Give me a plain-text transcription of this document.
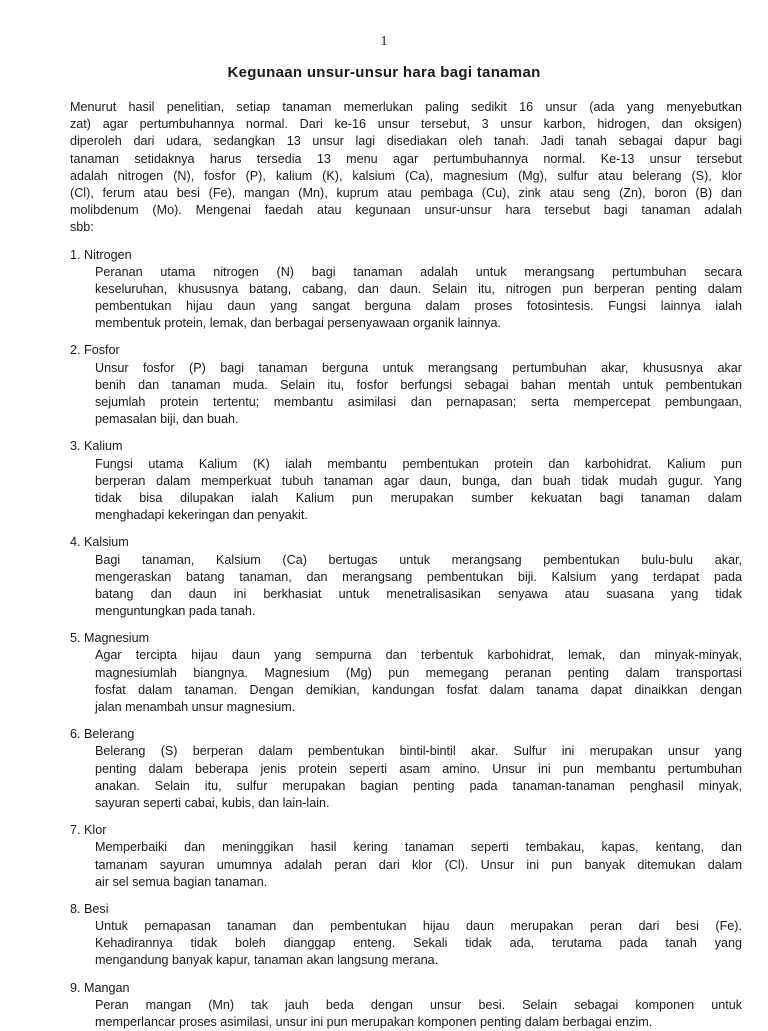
1
Kegunaan unsur-unsur hara bagi tanaman
Menurut hasil penelitian, setiap tanaman memerlukan paling sedikit 16 unsur (ada yang menyebutkan
zat) agar pertumbuhannya normal. Dari ke-16 unsur tersebut, 3 unsur karbon, hidrogen, dan oksigen)
diperoleh dari udara, sedangkan 13 unsur lagi disediakan oleh tanah. Jadi tanah sebagai dapur bagi
tanaman setidaknya harus tersedia 13 menu agar pertumbuhannya normal. Ke-13 unsur tersebut
adalah nitrogen (N), fosfor (P), kalium (K), kalsium (Ca), magnesium (Mg), sulfur atau belerang (S), klor
(Cl), ferum atau besi (Fe), mangan (Mn), kuprum atau pembaga (Cu), zink atau seng (Zn), boron (B) dan
molibdenum (Mo). Mengenai faedah atau kegunaan unsur-unsur hara tersebut bagi tanaman adalah
sbb:
1. Nitrogen
Peranan utama nitrogen (N) bagi tanaman adalah untuk merangsang pertumbuhan secara
keseluruhan, khususnya batang, cabang, dan daun. Selain itu, nitrogen pun berperan penting dalam
pembentukan hijau daun yang sangat berguna dalam proses fotosintesis. Fungsi lainnya ialah
membentuk protein, lemak, dan berbagai persenyawaan organik lainnya.
2. Fosfor
Unsur fosfor (P) bagi tanaman berguna untuk merangsang pertumbuhan akar, khususnya akar
benih dan tanaman muda. Selain itu, fosfor berfungsi sebagai bahan mentah untuk pembentukan
sejumlah protein tertentu; membantu asimilasi dan pernapasan; serta mempercepat pembungaan,
pemasalan biji, dan buah.
3. Kalium
Fungsi utama Kalium (K) ialah membantu pembentukan protein dan karbohidrat. Kalium pun
berperan dalam memperkuat tubuh tanaman agar daun, bunga, dan buah tidak mudah gugur. Yang
tidak bisa dilupakan ialah Kalium pun merupakan sumber kekuatan bagi tanaman dalam
menghadapi kekeringan dan penyakit.
4. Kalsium
Bagi tanaman, Kalsium (Ca) bertugas untuk merangsang pembentukan bulu-bulu akar,
mengeraskan batang tanaman, dan merangsang pembentukan biji. Kalsium yang terdapat pada
batang dan daun ini berkhasiat untuk menetralisasikan senyawa atau suasana yang tidak
menguntungkan pada tanah.
5. Magnesium
Agar tercipta hijau daun yang sempurna dan terbentuk karbohidrat, lemak, dan minyak-minyak,
magnesiumlah biangnya. Magnesium (Mg) pun memegang peranan penting dalam transportasi
fosfat dalam tanaman. Dengan demikian, kandungan fosfat dalam tanama dapat dinaikkan dengan
jalan menambah unsur magnesium.
6. Belerang
Belerang (S) berperan dalam pembentukan bintil-bintil akar. Sulfur ini merupakan unsur yang
penting dalam beberapa jenis protein seperti asam amino. Unsur ini pun membantu pertumbuhan
anakan. Selain itu, sulfur merupakan bagian penting pada tanaman-tanaman penghasil minyak,
sayuran seperti cabai, kubis, dan lain-lain.
7. Klor
Memperbaiki dan meninggikan hasil kering tanaman seperti tembakau, kapas, kentang, dan
tamanam sayuran umumnya adalah peran dari klor (Cl). Unsur ini pun banyak ditemukan dalam
air sel semua bagian tanaman.
8. Besi
Untuk pernapasan tanaman dan pembentukan hijau daun merupakan peran dari besi (Fe).
Kehadirannya tidak boleh dianggap enteng. Sekali tidak ada, terutama pada tanah yang
mengandung banyak kapur, tanaman akan langsung merana.
9. Mangan
Peran mangan (Mn) tak jauh beda dengan unsur besi. Selain sebagai komponen untuk
memperlancar proses asimilasi, unsur ini pun merupakan komponen penting dalam berbagai enzim.
